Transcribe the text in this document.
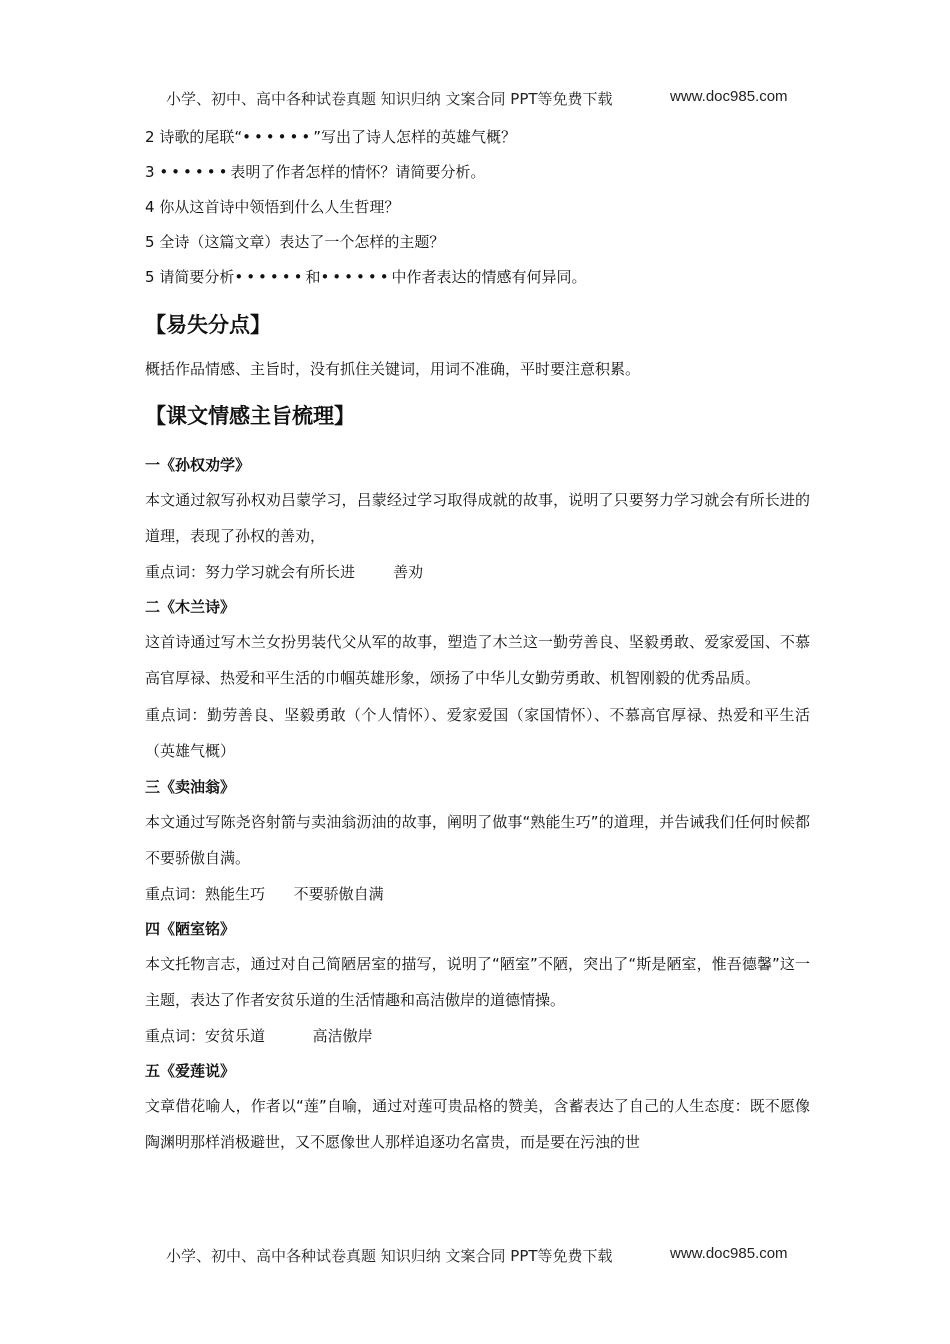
小学、初中、高中各种试卷真题 知识归纳 文案合同 PPT等免费下载	www.doc985.com
2 诗歌的尾联“••••••”写出了诗人怎样的英雄气概？
3 ••••••表明了作者怎样的情怀？请简要分析。
4 你从这首诗中领悟到什么人生哲理？
5 全诗（这篇文章）表达了一个怎样的主题？
5 请简要分析••••••和••••••中作者表达的情感有何异同。
【易失分点】
概括作品情感、主旨时，没有抓住关键词，用词不准确，平时要注意积累。
【课文情感主旨梳理】
一《孙权劝学》
本文通过叙写孙权劝吕蒙学习，吕蒙经过学习取得成就的故事，说明了只要努力学习就会有所长进的道理，表现了孙权的善劝，
重点词：努力学习就会有所长进        善劝
二《木兰诗》
这首诗通过写木兰女扮男装代父从军的故事，塑造了木兰这一勤劳善良、坚毅勇敢、爱家爱国、不慕高官厚禄、热爱和平生活的巾帼英雄形象，颂扬了中华儿女勤劳勇敢、机智刚毅的优秀品质。
重点词：勤劳善良、坚毅勇敢（个人情怀）、爱家爱国（家国情怀）、不慕高官厚禄、热爱和平生活（英雄气概）
三《卖油翁》
本文通过写陈尧咨射箭与卖油翁沥油的故事，阐明了做事“熟能生巧”的道理，并告诫我们任何时候都不要骄傲自满。
重点词：熟能生巧      不要骄傲自满
四《陋室铭》
本文托物言志，通过对自己简陋居室的描写，说明了“陋室”不陋，突出了“斯是陋室，惟吾德馨”这一主题，表达了作者安贫乐道的生活情趣和高洁傲岸的道德情操。
重点词：安贫乐道          高洁傲岸
五《爱莲说》
文章借花喻人，作者以“莲”自喻，通过对莲可贵品格的赞美，含蓄表达了自己的人生态度：既不愿像陶渊明那样消极避世，又不愿像世人那样追逐功名富贵，而是要在污浊的世
小学、初中、高中各种试卷真题 知识归纳 文案合同 PPT等免费下载	www.doc985.com
